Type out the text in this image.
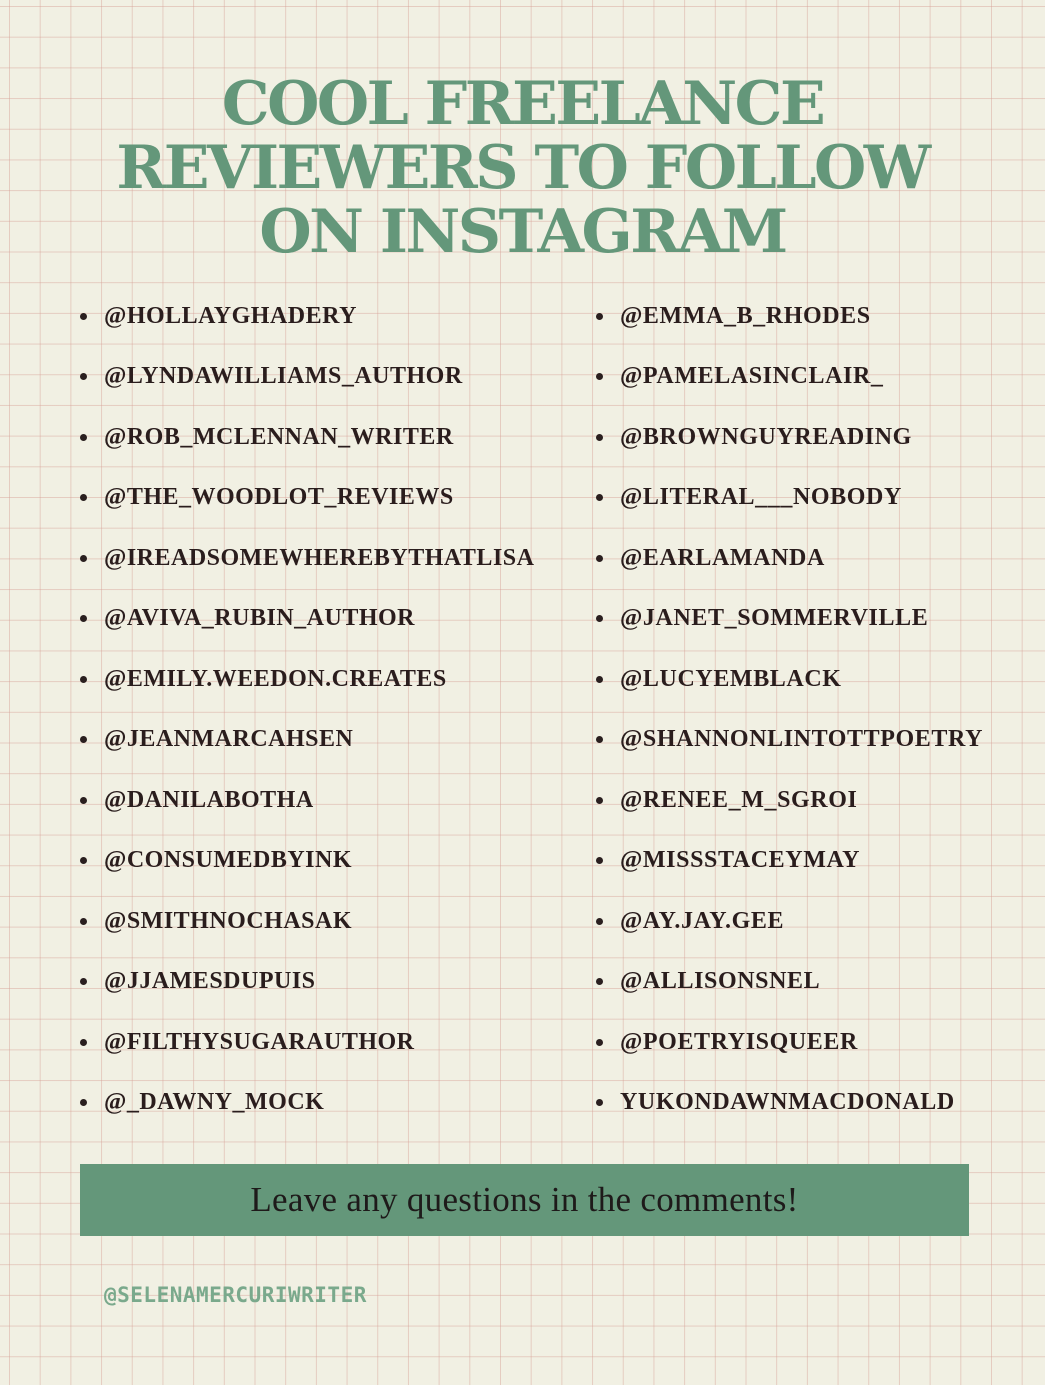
COOL FREELANCE
REVIEWERS TO FOLLOW
ON INSTAGRAM
@HOLLAYGHADERY
@LYNDAWILLIAMS_AUTHOR
@ROB_MCLENNAN_WRITER
@THE_WOODLOT_REVIEWS
@IREADSOMEWHEREBYTHATLISA
@AVIVA_RUBIN_AUTHOR
@EMILY.WEEDON.CREATES
@JEANMARCAHSEN
@DANILABOTHA
@CONSUMEDBYINK
@SMITHNOCHASAK
@JJAMESDUPUIS
@FILTHYSUGARAUTHOR
@_DAWNY_MOCK
@EMMA_B_RHODES
@PAMELASINCLAIR_
@BROWNGUYREADING
@LITERAL___NOBODY
@EARLAMANDA
@JANET_SOMMERVILLE
@LUCYEMBLACK
@SHANNONLINTOTTPOETRY
@RENEE_M_SGROI
@MISSSTACEYMAY
@AY.JAY.GEE
@ALLISONSNEL
@POETRYISQUEER
YUKONDAWNMACDONALD
Leave any questions in the comments!
@SELENAMERCURIWRITER
